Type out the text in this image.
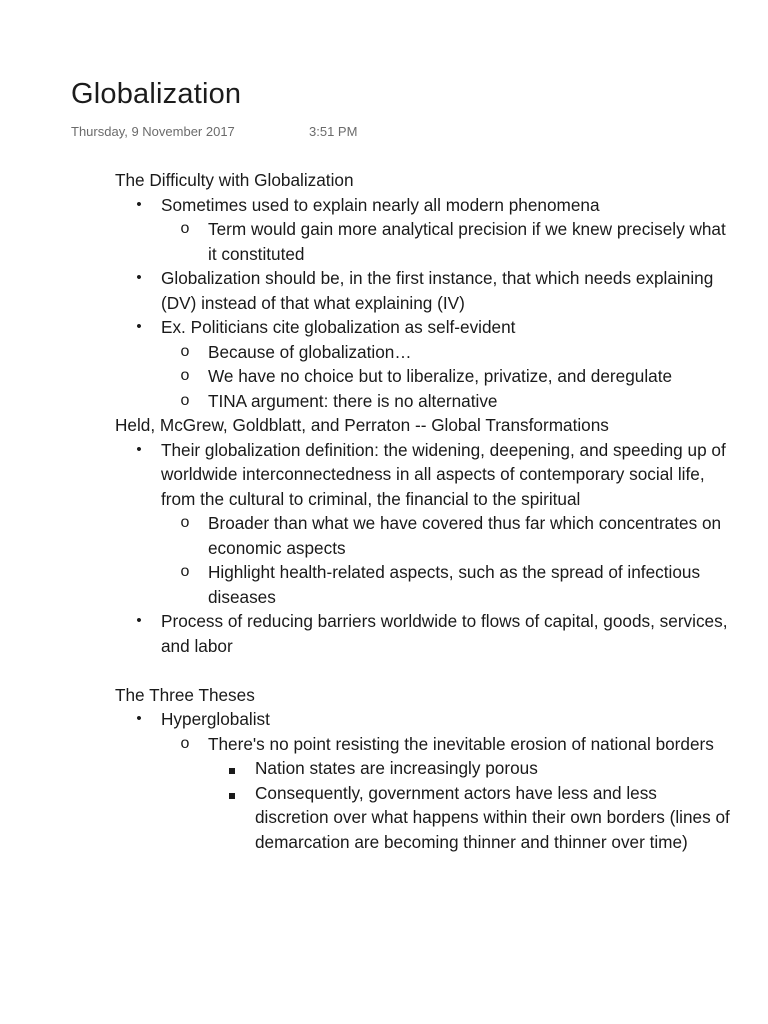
Globalization
Thursday, 9 November 2017	3:51 PM
The Difficulty with Globalization
• Sometimes used to explain nearly all modern phenomena
o Term would gain more analytical precision if we knew precisely what it constituted
• Globalization should be, in the first instance, that which needs explaining (DV) instead of that what explaining (IV)
• Ex. Politicians cite globalization as self-evident
o Because of globalization…
o We have no choice but to liberalize, privatize, and deregulate
o TINA argument: there is no alternative
Held, McGrew, Goldblatt, and Perraton -- Global Transformations
• Their globalization definition: the widening, deepening, and speeding up of worldwide interconnectedness in all aspects of contemporary social life, from the cultural to criminal, the financial to the spiritual
o Broader than what we have covered thus far which concentrates on economic aspects
o Highlight health-related aspects, such as the spread of infectious diseases
• Process of reducing barriers worldwide to flows of capital, goods, services, and labor
The Three Theses
• Hyperglobalist
o There's no point resisting the inevitable erosion of national borders
Nation states are increasingly porous
Consequently, government actors have less and less discretion over what happens within their own borders (lines of demarcation are becoming thinner and thinner over time)
